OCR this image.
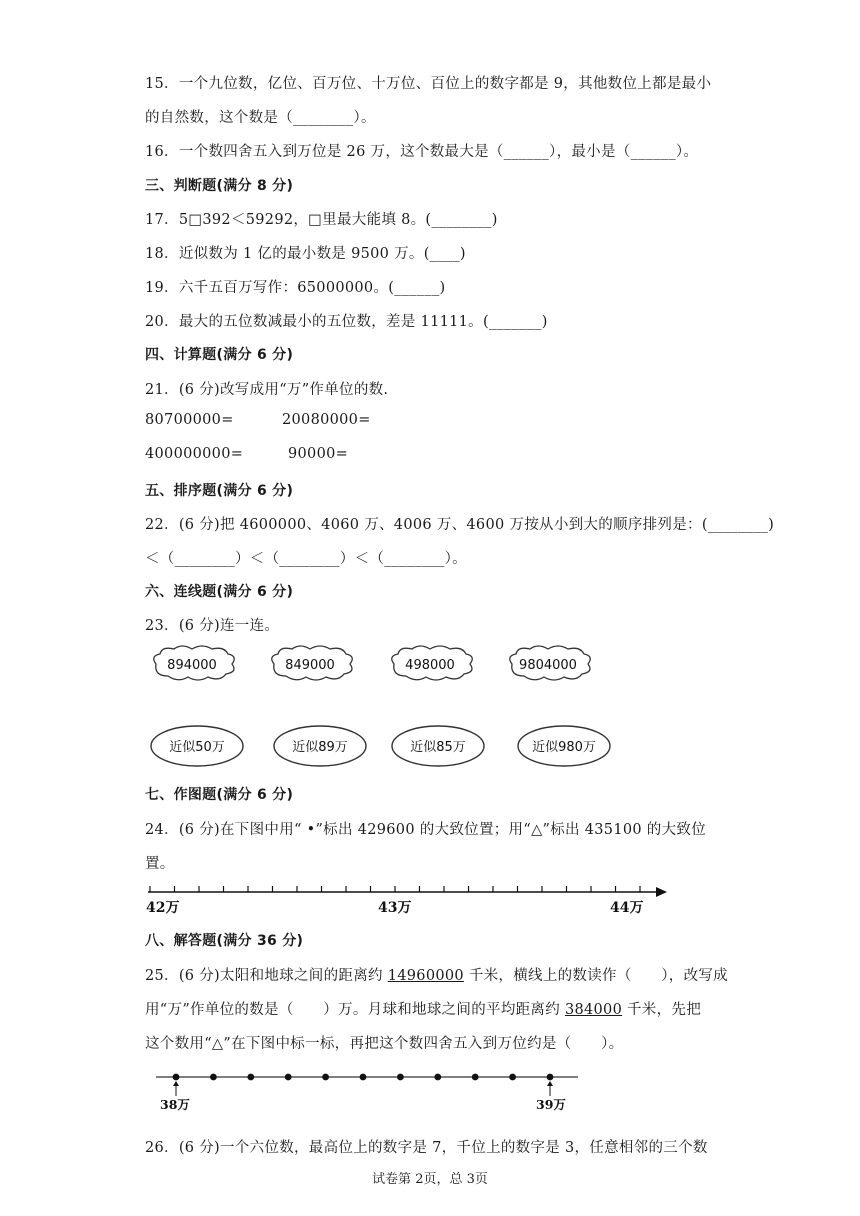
15．一个九位数，亿位、百万位、十万位、百位上的数字都是 9，其他数位上都是最小
的自然数，这个数是（________）。
16．一个数四舍五入到万位是 26 万，这个数最大是（______），最小是（______）。
三、判断题(满分 8 分)
17．5□392＜59292，□里最大能填 8。(________)
18．近似数为 1 亿的最小数是 9500 万。(____)
19．六千五百万写作：65000000。(______)
20．最大的五位数减最小的五位数，差是 11111。(_______)
四、计算题(满分 6 分)
21．(6 分)改写成用“万”作单位的数.
80700000=	20080000=
400000000=	90000=
五、排序题(满分 6 分)
22．(6 分)把 4600000、4060 万、4006 万、4600 万按从小到大的顺序排列是：(________)
＜（________）＜（________）＜（________）。
六、连线题(满分 6 分)
23．(6 分)连一连。
894000	849000	498000	9804000
近似50万	近似89万	近似85万	近似980万
七、作图题(满分 6 分)
24．(6 分)在下图中用“ •”标出 429600 的大致位置；用“△”标出 435100 的大致位
置。
42万	43万	44万
八、解答题(满分 36 分)
25．(6 分)太阳和地球之间的距离约 14960000 千米，横线上的数读作（　　），改写成
用“万”作单位的数是（　　）万。月球和地球之间的平均距离约 384000 千米，先把
这个数用“△”在下图中标一标，再把这个数四舍五入到万位约是（　　）。
38万	39万
26．(6 分)一个六位数，最高位上的数字是 7，千位上的数字是 3，任意相邻的三个数
试卷第 2页，总 3页
